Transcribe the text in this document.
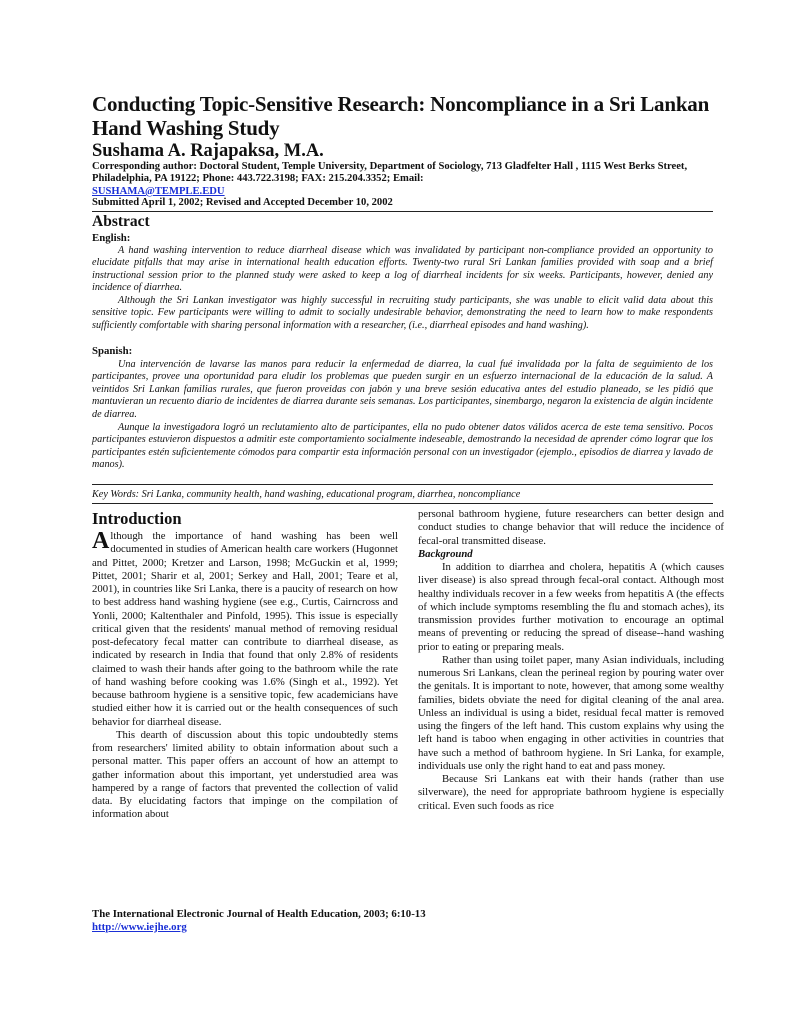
Conducting Topic-Sensitive Research: Noncompliance in a Sri Lankan Hand Washing Study
Sushama A. Rajapaksa, M.A.
Corresponding author: Doctoral Student, Temple University, Department of Sociology, 713 Gladfelter Hall , 1115 West Berks Street, Philadelphia, PA 19122; Phone: 443.722.3198; FAX: 215.204.3352; Email:
SUSHAMA@TEMPLE.EDU
Submitted April 1, 2002; Revised and Accepted December 10, 2002
Abstract
English:

A hand washing intervention to reduce diarrheal disease which was invalidated by participant non-compliance provided an opportunity to elucidate pitfalls that may arise in international health education efforts. Twenty-two rural Sri Lankan families provided with soap and a brief instructional session prior to the planned study were asked to keep a log of diarrheal incidents for six weeks. Participants, however, denied any incidence of diarrhea.

Although the Sri Lankan investigator was highly successful in recruiting study participants, she was unable to elicit valid data about this sensitive topic. Few participants were willing to admit to socially undesirable behavior, demonstrating the need to learn how to make respondents sufficiently comfortable with sharing personal information with a researcher, (i.e., diarrheal episodes and hand washing).

Spanish:

Una intervención de lavarse las manos para reducir la enfermedad de diarrea, la cual fué invalidada por la falta de seguimiento de los participantes, provee una oportunidad para eludir los problemas que pueden surgir en un esfuerzo internacional de la educación de la salud. A veintidos Sri Lankan familias rurales, que fueron proveidas con jabón y una breve sesión educativa antes del estudio planeado, se les pidió que mantuvieran un recuento diario de incidentes de diarrea durante seis semanas. Los participantes, sinembargo, negaron la existencia de algún incidente de diarrea.

Aunque la investigadora logró un reclutamiento alto de participantes, ella no pudo obtener datos válidos acerca de este tema sensitivo. Pocos participantes estuvieron dispuestos a admitir este comportamiento socialmente indeseable, demostrando la necesidad de aprender cómo lograr que los participantes estén suficientemente cómodos para compartir esta información personal con un investigador (ejemplo., episodios de diarrea y lavado de manos).

Key Words: Sri Lanka, community health, hand washing, educational program, diarrhea, noncompliance
Introduction

Although the importance of hand washing has been well documented in studies of American health care workers (Hugonnet and Pittet, 2000; Kretzer and Larson, 1998; McGuckin et al, 1999; Pittet, 2001; Sharir et al, 2001; Serkey and Hall, 2001; Teare et al, 2001), in countries like Sri Lanka, there is a paucity of research on how to best address hand washing hygiene (see e.g., Curtis, Cairncross and Yonli, 2000; Kaltenthaler and Pinfold, 1995). This issue is especially critical given that the residents' manual method of removing residual post-defecatory fecal matter can contribute to diarrheal disease, as indicated by research in India that found that only 2.8% of residents claimed to wash their hands after going to the bathroom while the rate of hand washing before cooking was 1.6% (Singh et al., 1992). Yet because bathroom hygiene is a sensitive topic, few academicians have studied either how it is carried out or the health consequences of such behavior for diarrheal disease.

This dearth of discussion about this topic undoubtedly stems from researchers' limited ability to obtain information about such a personal matter. This paper offers an account of how an attempt to gather information about this important, yet understudied area was hampered by a range of factors that prevented the collection of valid data. By elucidating factors that impinge on the compilation of information about

personal bathroom hygiene, future researchers can better design and conduct studies to change behavior that will reduce the incidence of fecal-oral transmitted disease.

Background

In addition to diarrhea and cholera, hepatitis A (which causes liver disease) is also spread through fecal-oral contact. Although most healthy individuals recover in a few weeks from hepatitis A (the effects of which include symptoms resembling the flu and stomach aches), its transmission provides further motivation to encourage an optimal means of preventing or reducing the spread of disease--hand washing prior to eating or preparing meals.

Rather than using toilet paper, many Asian individuals, including numerous Sri Lankans, clean the perineal region by pouring water over the genitals. It is important to note, however, that among some wealthy families, bidets obviate the need for digital cleaning of the anal area. Unless an individual is using a bidet, residual fecal matter is removed using the fingers of the left hand. This custom explains why using the left hand is taboo when engaging in other activities in countries that have such a method of bathroom hygiene. In Sri Lanka, for example, individuals use only the right hand to eat and pass money.

Because Sri Lankans eat with their hands (rather than use silverware), the need for appropriate bathroom hygiene is especially critical. Even such foods as rice

The International Electronic Journal of Health Education, 2003; 6:10-13
http://www.iejhe.org
